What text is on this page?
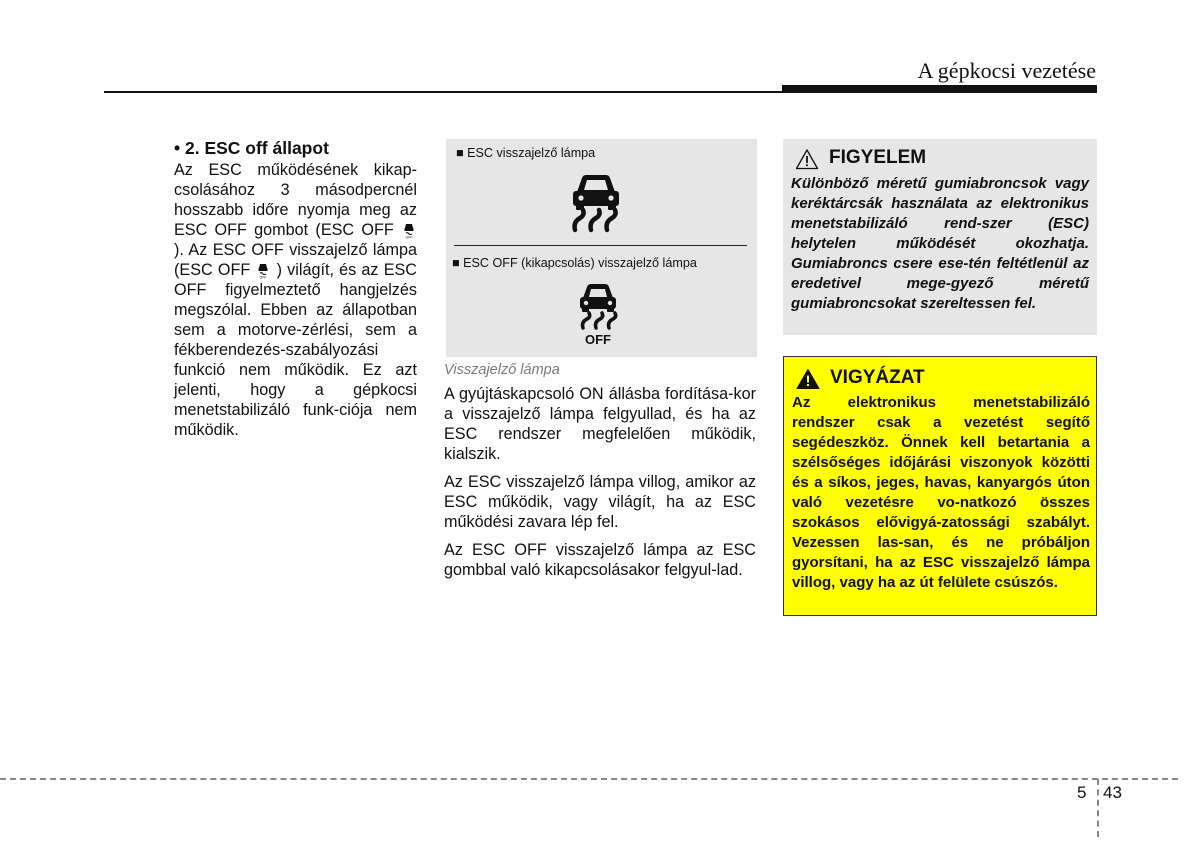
A gépkocsi vezetése
• 2. ESC off állapot

Az ESC működésének kikap-csolásához 3 másodpercnél hosszabb időre nyomja meg az ESC OFF gombot (ESC OFF	OFF
). Az ESC OFF visszajelző lámpa (ESC OFF	OFF ) világít, és az ESC OFF figyelmeztető hangjelzés megszólal. Ebben az állapotban sem a motorve-zérlési, sem a fékberendezés-szabályozási funkció nem működik. Ez azt jelenti, hogy a gépkocsi menetstabilizáló funk-ciója nem működik.

■ ESC visszajelző lámpa
■ ESC OFF (kikapcsolás) visszajelző lámpa
OFF
Visszajelző lámpa

A gyújtáskapcsoló ON állásba fordítása-kor a visszajelző lámpa felgyullad, és ha az ESC rendszer megfelelően működik, kialszik.

Az ESC visszajelző lámpa villog, amikor az ESC működik, vagy világít, ha az ESC működési zavara lép fel.

Az ESC OFF visszajelző lámpa az ESC gombbal való kikapcsolásakor felgyul-lad.

FIGYELEM

Különböző méretű gumiabroncsok vagy keréktárcsák használata az elektronikus menetstabilizáló rend-szer (ESC) helytelen működését okozhatja. Gumiabroncs csere ese-tén feltétlenül az eredetivel mege-gyező méretű gumiabroncsokat szereltessen fel.

VIGYÁZAT

Az elektronikus menetstabilizáló rendszer csak a vezetést segítő segédeszköz. Önnek kell betartania a szélsőséges időjárási viszonyok közötti és a síkos, jeges, havas, kanyargós úton való vezetésre vo-natkozó összes szokásos elővigyá-zatossági szabályt. Vezessen las-san, és ne próbáljon gyorsítani, ha az ESC visszajelző lámpa villog, vagy ha az út felülete csúszós.

5 43
